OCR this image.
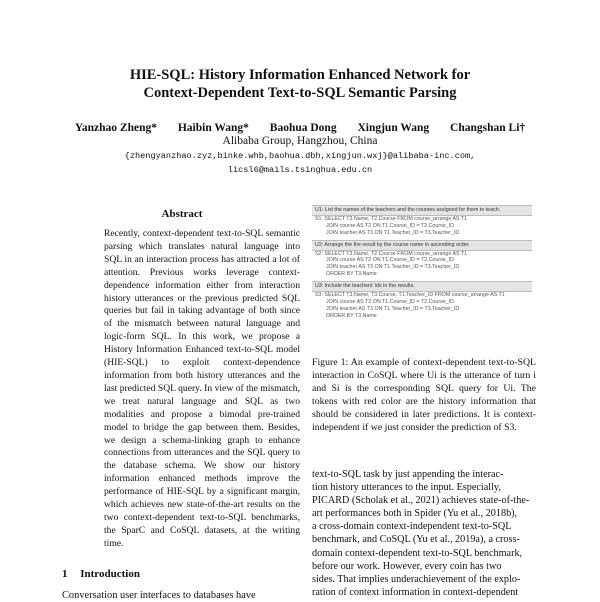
HIE-SQL: History Information Enhanced Network for
Context-Dependent Text-to-SQL Semantic Parsing
Yanzhao Zheng* Haibin Wang* Baohua Dong Xingjun Wang Changshan Li†
Alibaba Group, Hangzhou, China
{zhengyanzhao.zyz,binke.whb,baohua.dbh,xingjun.wxj}@alibaba-inc.com,
licsl6@mails.tsinghua.edu.cn
Abstract
Recently, context-dependent text-to-SQL semantic parsing which translates natural language into SQL in an interaction process has attracted a lot of attention. Previous works leverage context-dependence information either from interaction history utterances or the previous predicted SQL queries but fail in taking advantage of both since of the mismatch between natural language and logic-form SQL. In this work, we propose a History Information Enhanced text-to-SQL model (HIE-SQL) to exploit context-dependence information from both history utterances and the last predicted SQL query. In view of the mismatch, we treat natural language and SQL as two modalities and propose a bimodal pre-trained model to bridge the gap between them. Besides, we design a schema-linking graph to enhance connections from utterances and the SQL query to the database schema. We show our history information enhanced methods improve the performance of HIE-SQL by a significant margin, which achieves new state-of-the-art results on the two context-dependent text-to-SQL benchmarks, the SparC and CoSQL datasets, at the writing time.
1 Introduction
Conversation user interfaces to databases have
U1: List the names of the teachers and the courses assigned for them to teach.
S1: SELECT T3.Name, T2.Course FROM course_arrange AS T1
JOIN course AS T2 ON T1.Course_ID = T2.Course_ID
JOIN teacher AS T3 ON T1.Teacher_ID = T3.Teacher_ID
U2: Arrange the the result by the course name in ascending order.
S2: SELECT T3.Name, T2.Course FROM course_arrange AS T1
JOIN course AS T2 ON T1.Course_ID = T2.Course_ID
JOIN teacher AS T3 ON T1.Teacher_ID = T3.Teacher_ID
ORDER BY T3.Name
U3: Include the teachers' ids in the results.
S3: SELECT T3.Name, T3.Course, T1.Teacher_ID FROM course_arrange AS T1
JOIN course AS T2 ON T1.Course_ID = T2.Course_ID
JOIN teacher AS T3 ON T1.Teacher_ID = T3.Teacher_ID
ORDER BY T3.Name
Figure 1: An example of context-dependent text-to-SQL interaction in CoSQL where Ui is the utterance of turn i and Si is the corresponding SQL query for Ui. The tokens with red color are the history information that should be considered in later predictions. It is context-independent if we just consider the prediction of S3.
text-to-SQL task by just appending the interac-
tion history utterances to the input. Especially,
PICARD (Scholak et al., 2021) achieves state-of-the-
art performances both in Spider (Yu et al., 2018b),
a cross-domain context-independent text-to-SQL
benchmark, and CoSQL (Yu et al., 2019a), a cross-
domain context-dependent text-to-SQL benchmark,
before our work. However, every coin has two
sides. That implies underachievement of the explo-
ration of context information in context-dependent
